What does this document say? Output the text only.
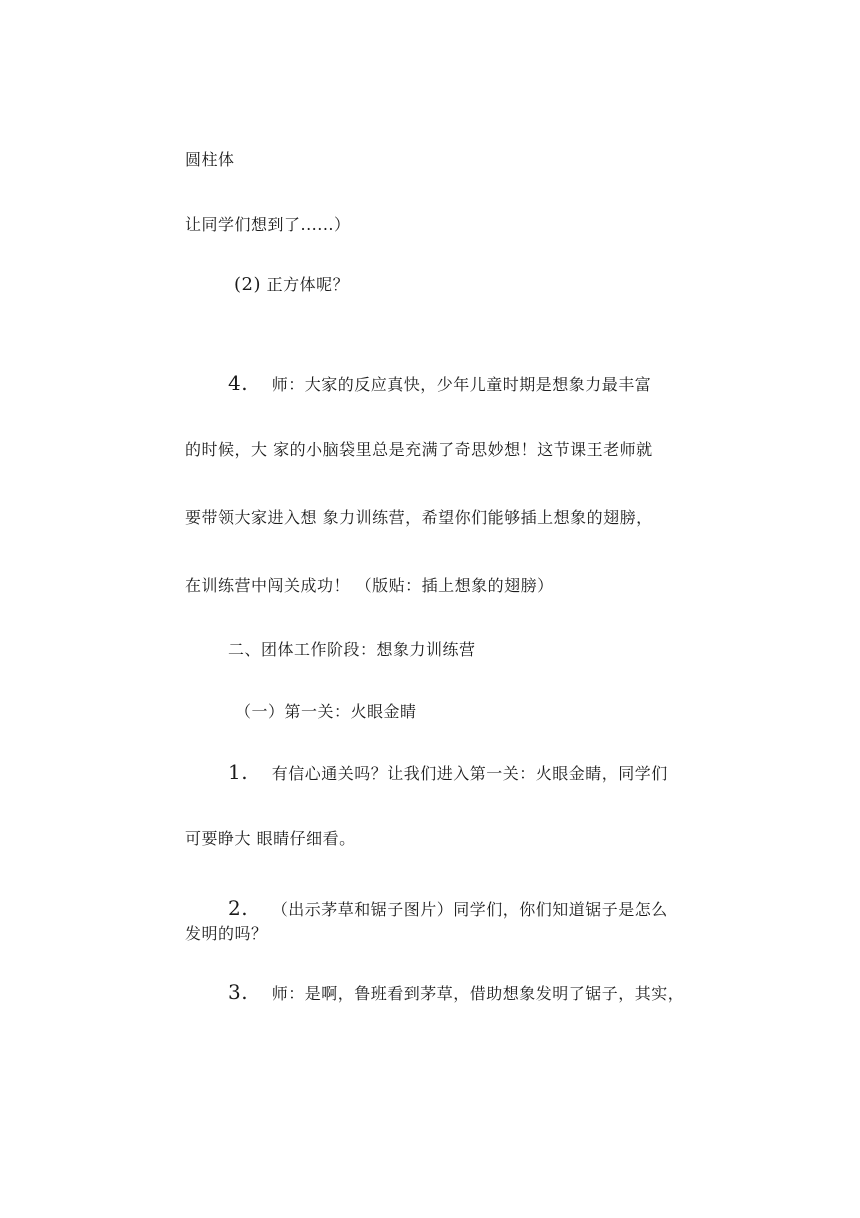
圆柱体
让同学们想到了......）
(2) 正方体呢？
4. 师：大家的反应真快，少年儿童时期是想象力最丰富
的时候，大 家的小脑袋里总是充满了奇思妙想！这节课王老师就
要带领大家进入想 象力训练营，希望你们能够插上想象的翅膀，
在训练营中闯关成功！ （版贴：插上想象的翅膀）
二、团体工作阶段：想象力训练营
（一）第一关：火眼金睛
1. 有信心通关吗？让我们进入第一关：火眼金睛，同学们
可要睁大 眼睛仔细看。
2. （出示茅草和锯子图片）同学们，你们知道锯子是怎么
发明的吗？
3. 师：是啊，鲁班看到茅草，借助想象发明了锯子，其实，
